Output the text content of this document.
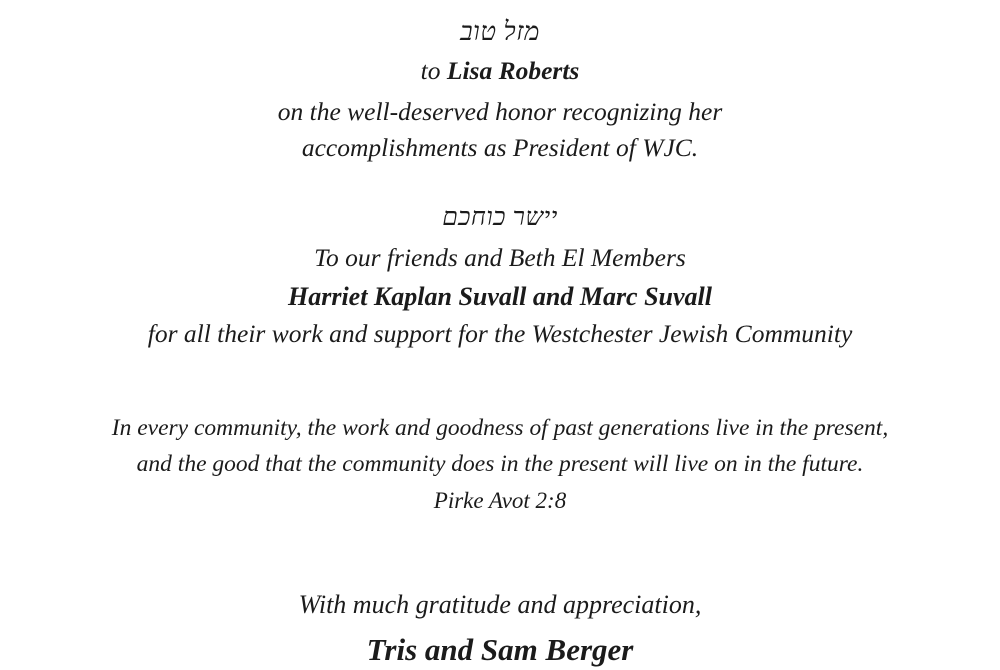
מזל טוב
to Lisa Roberts
on the well-deserved honor recognizing her
accomplishments as President of WJC.
יישר כוחכם
To our friends and Beth El Members
Harriet Kaplan Suvall and Marc Suvall
for all their work and support for the Westchester Jewish Community
In every community, the work and goodness of past generations live in the present,
and the good that the community does in the present will live on in the future.
Pirke Avot 2:8
With much gratitude and appreciation,
Tris and Sam Berger
